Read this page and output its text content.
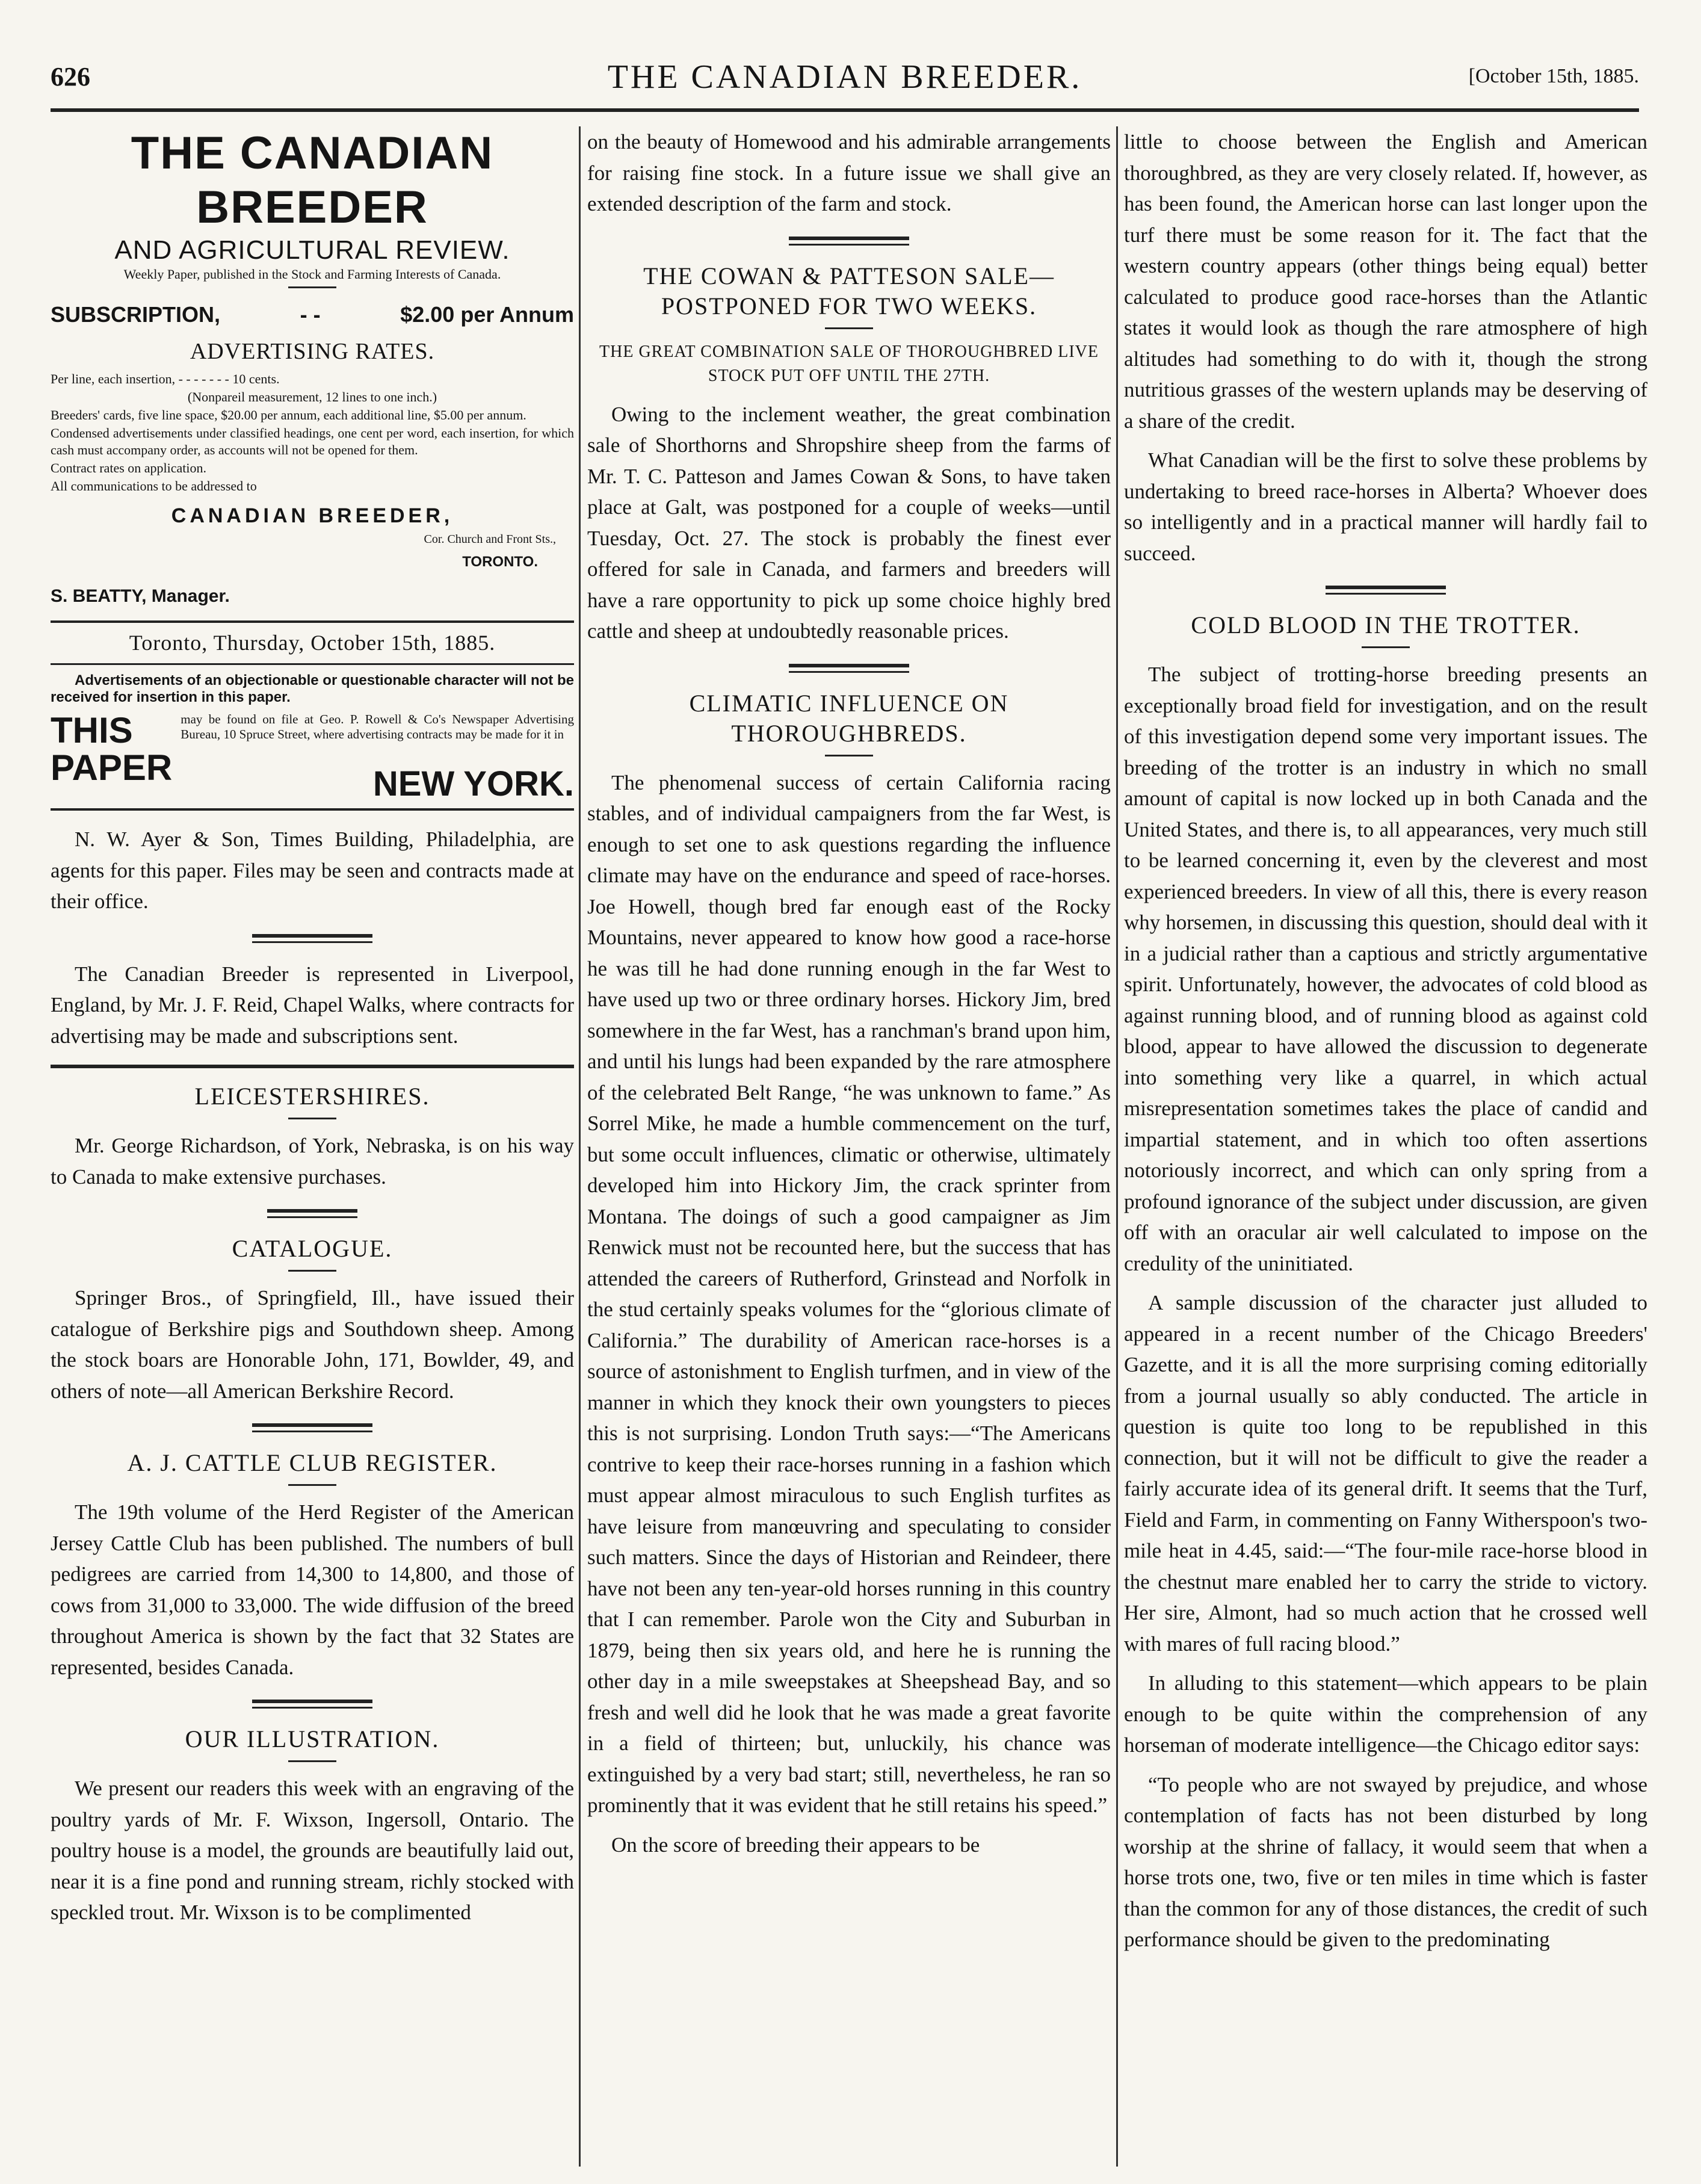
626	THE CANADIAN BREEDER.	[October 15th, 1885.
THE CANADIAN BREEDER
AND AGRICULTURAL REVIEW.
Weekly Paper, published in the Stock and Farming Interests of Canada.
SUBSCRIPTION,	- -	$2.00 per Annum
ADVERTISING RATES.

Per line, each insertion, - - - - - - - 10 cents.

(Nonpareil measurement, 12 lines to one inch.)

Breeders' cards, five line space, $20.00 per annum, each additional line, $5.00 per annum.

Condensed advertisements under classified headings, one cent per word, each insertion, for which cash must accompany order, as accounts will not be opened for them.

Contract rates on application.

All communications to be addressed to

CANADIAN BREEDER,
Cor. Church and Front Sts.,
TORONTO.
S. BEATTY, Manager.
Toronto, Thursday, October 15th, 1885.
Advertisements of an objectionable or questionable character will not be received for insertion in this paper.
THIS PAPER
may be found on file at Geo. P. Rowell & Co's Newspaper Advertising Bureau, 10 Spruce Street, where advertising contracts may be made for it in
NEW YORK.

N. W. Ayer & Son, Times Building, Philadelphia, are agents for this paper. Files may be seen and contracts made at their office.

The Canadian Breeder is represented in Liverpool, England, by Mr. J. F. Reid, Chapel Walks, where contracts for advertising may be made and subscriptions sent.

LEICESTERSHIRES.

Mr. George Richardson, of York, Nebraska, is on his way to Canada to make extensive purchases.

CATALOGUE.

Springer Bros., of Springfield, Ill., have issued their catalogue of Berkshire pigs and Southdown sheep. Among the stock boars are Honorable John, 171, Bowlder, 49, and others of note—all American Berkshire Record.

A. J. CATTLE CLUB REGISTER.

The 19th volume of the Herd Register of the American Jersey Cattle Club has been published. The numbers of bull pedigrees are carried from 14,300 to 14,800, and those of cows from 31,000 to 33,000. The wide diffusion of the breed throughout America is shown by the fact that 32 States are represented, besides Canada.

OUR ILLUSTRATION.

We present our readers this week with an engraving of the poultry yards of Mr. F. Wixson, Ingersoll, Ontario. The poultry house is a model, the grounds are beautifully laid out, near it is a fine pond and running stream, richly stocked with speckled trout. Mr. Wixson is to be complimented

on the beauty of Homewood and his admirable arrangements for raising fine stock. In a future issue we shall give an extended description of the farm and stock.

THE COWAN & PATTESON SALE—POSTPONED FOR TWO WEEKS.
THE GREAT COMBINATION SALE OF THOROUGHBRED LIVE STOCK PUT OFF UNTIL THE 27TH.

Owing to the inclement weather, the great combination sale of Shorthorns and Shropshire sheep from the farms of Mr. T. C. Patteson and James Cowan & Sons, to have taken place at Galt, was postponed for a couple of weeks—until Tuesday, Oct. 27. The stock is probably the finest ever offered for sale in Canada, and farmers and breeders will have a rare opportunity to pick up some choice highly bred cattle and sheep at undoubtedly reasonable prices.

CLIMATIC INFLUENCE ON THOROUGHBREDS.

The phenomenal success of certain California racing stables, and of individual campaigners from the far West, is enough to set one to ask questions regarding the influence climate may have on the endurance and speed of race-horses. Joe Howell, though bred far enough east of the Rocky Mountains, never appeared to know how good a race-horse he was till he had done running enough in the far West to have used up two or three ordinary horses. Hickory Jim, bred somewhere in the far West, has a ranchman's brand upon him, and until his lungs had been expanded by the rare atmosphere of the celebrated Belt Range, “he was unknown to fame.” As Sorrel Mike, he made a humble commencement on the turf, but some occult influences, climatic or otherwise, ultimately developed him into Hickory Jim, the crack sprinter from Montana. The doings of such a good campaigner as Jim Renwick must not be recounted here, but the success that has attended the careers of Rutherford, Grinstead and Norfolk in the stud certainly speaks volumes for the “glorious climate of California.” The durability of American race-horses is a source of astonishment to English turfmen, and in view of the manner in which they knock their own youngsters to pieces this is not surprising. London Truth says:—“The Americans contrive to keep their race-horses running in a fashion which must appear almost miraculous to such English turfites as have leisure from manœuvring and speculating to consider such matters. Since the days of Historian and Reindeer, there have not been any ten-year-old horses running in this country that I can remember. Parole won the City and Suburban in 1879, being then six years old, and here he is running the other day in a mile sweepstakes at Sheepshead Bay, and so fresh and well did he look that he was made a great favorite in a field of thirteen; but, unluckily, his chance was extinguished by a very bad start; still, nevertheless, he ran so prominently that it was evident that he still retains his speed.”

On the score of breeding their appears to be

little to choose between the English and American thoroughbred, as they are very closely related. If, however, as has been found, the American horse can last longer upon the turf there must be some reason for it. The fact that the western country appears (other things being equal) better calculated to produce good race-horses than the Atlantic states it would look as though the rare atmosphere of high altitudes had something to do with it, though the strong nutritious grasses of the western uplands may be deserving of a share of the credit.

What Canadian will be the first to solve these problems by undertaking to breed race-horses in Alberta? Whoever does so intelligently and in a practical manner will hardly fail to succeed.

COLD BLOOD IN THE TROTTER.

The subject of trotting-horse breeding presents an exceptionally broad field for investigation, and on the result of this investigation depend some very important issues. The breeding of the trotter is an industry in which no small amount of capital is now locked up in both Canada and the United States, and there is, to all appearances, very much still to be learned concerning it, even by the cleverest and most experienced breeders. In view of all this, there is every reason why horsemen, in discussing this question, should deal with it in a judicial rather than a captious and strictly argumentative spirit. Unfortunately, however, the advocates of cold blood as against running blood, and of running blood as against cold blood, appear to have allowed the discussion to degenerate into something very like a quarrel, in which actual misrepresentation sometimes takes the place of candid and impartial statement, and in which too often assertions notoriously incorrect, and which can only spring from a profound ignorance of the subject under discussion, are given off with an oracular air well calculated to impose on the credulity of the uninitiated.

A sample discussion of the character just alluded to appeared in a recent number of the Chicago Breeders' Gazette, and it is all the more surprising coming editorially from a journal usually so ably conducted. The article in question is quite too long to be republished in this connection, but it will not be difficult to give the reader a fairly accurate idea of its general drift. It seems that the Turf, Field and Farm, in commenting on Fanny Witherspoon's two-mile heat in 4.45, said:—“The four-mile race-horse blood in the chestnut mare enabled her to carry the stride to victory. Her sire, Almont, had so much action that he crossed well with mares of full racing blood.”

In alluding to this statement—which appears to be plain enough to be quite within the comprehension of any horseman of moderate intelligence—the Chicago editor says:

“To people who are not swayed by prejudice, and whose contemplation of facts has not been disturbed by long worship at the shrine of fallacy, it would seem that when a horse trots one, two, five or ten miles in time which is faster than the common for any of those distances, the credit of such performance should be given to the predominating
